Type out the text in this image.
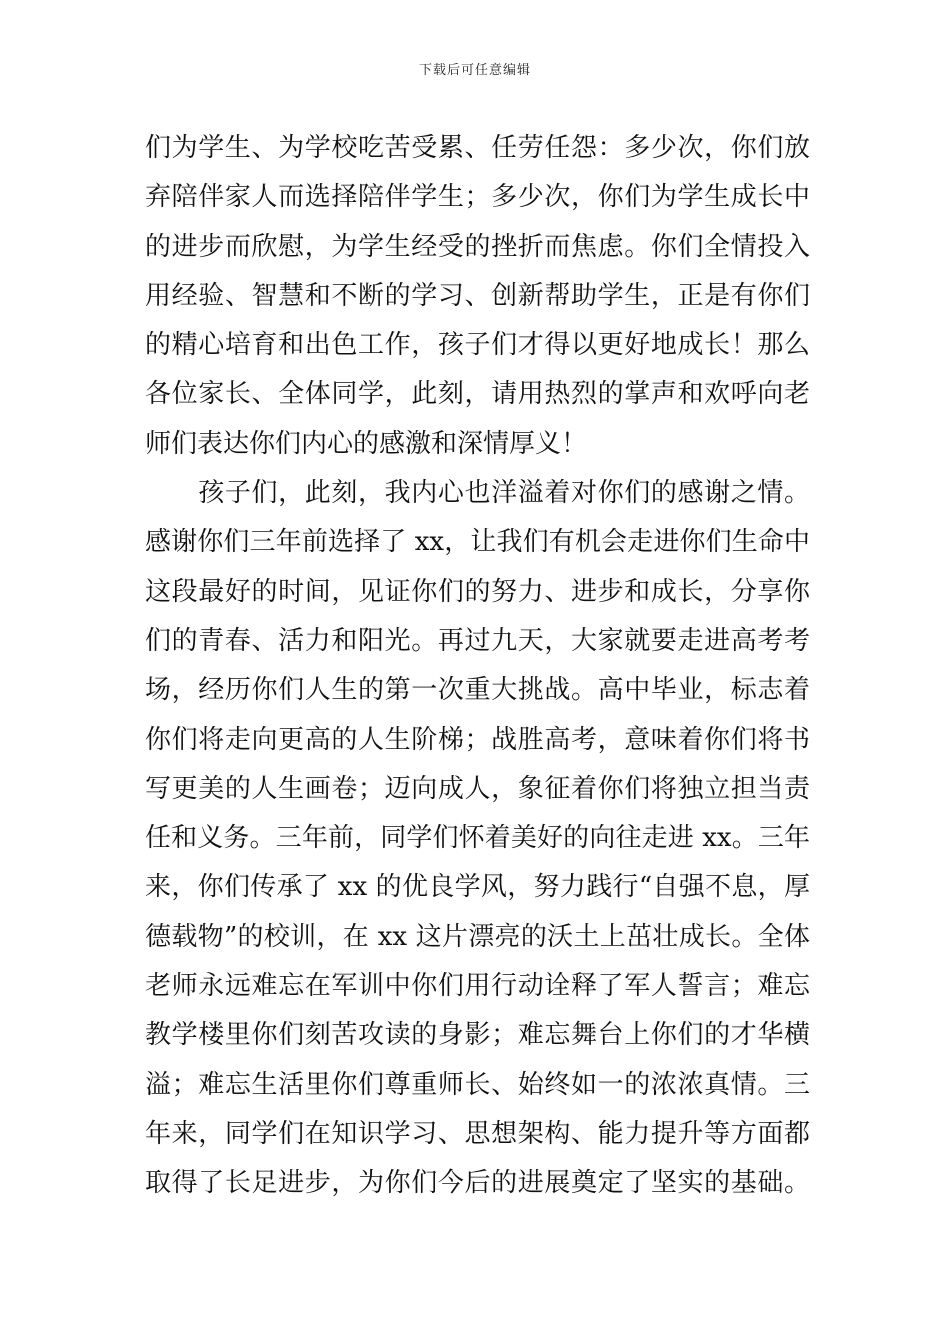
下载后可任意编辑
们为学生、为学校吃苦受累、任劳任怨：多少次，你们放
弃陪伴家人而选择陪伴学生；多少次，你们为学生成长中
的进步而欣慰，为学生经受的挫折而焦虑。你们全情投入
用经验、智慧和不断的学习、创新帮助学生，正是有你们
的精心培育和出色工作，孩子们才得以更好地成长！那么
各位家长、全体同学，此刻，请用热烈的掌声和欢呼向老
师们表达你们内心的感激和深情厚义！
　　孩子们，此刻，我内心也洋溢着对你们的感谢之情。
感谢你们三年前选择了 xx，让我们有机会走进你们生命中
这段最好的时间，见证你们的努力、进步和成长，分享你
们的青春、活力和阳光。再过九天，大家就要走进高考考
场，经历你们人生的第一次重大挑战。高中毕业，标志着
你们将走向更高的人生阶梯；战胜高考，意味着你们将书
写更美的人生画卷；迈向成人，象征着你们将独立担当责
任和义务。三年前，同学们怀着美好的向往走进 xx。三年
来，你们传承了 xx 的优良学风，努力践行“自强不息，厚
德载物”的校训，在 xx 这片漂亮的沃土上茁壮成长。全体
老师永远难忘在军训中你们用行动诠释了军人誓言；难忘
教学楼里你们刻苦攻读的身影；难忘舞台上你们的才华横
溢；难忘生活里你们尊重师长、始终如一的浓浓真情。三
年来，同学们在知识学习、思想架构、能力提升等方面都
取得了长足进步，为你们今后的进展奠定了坚实的基础。
